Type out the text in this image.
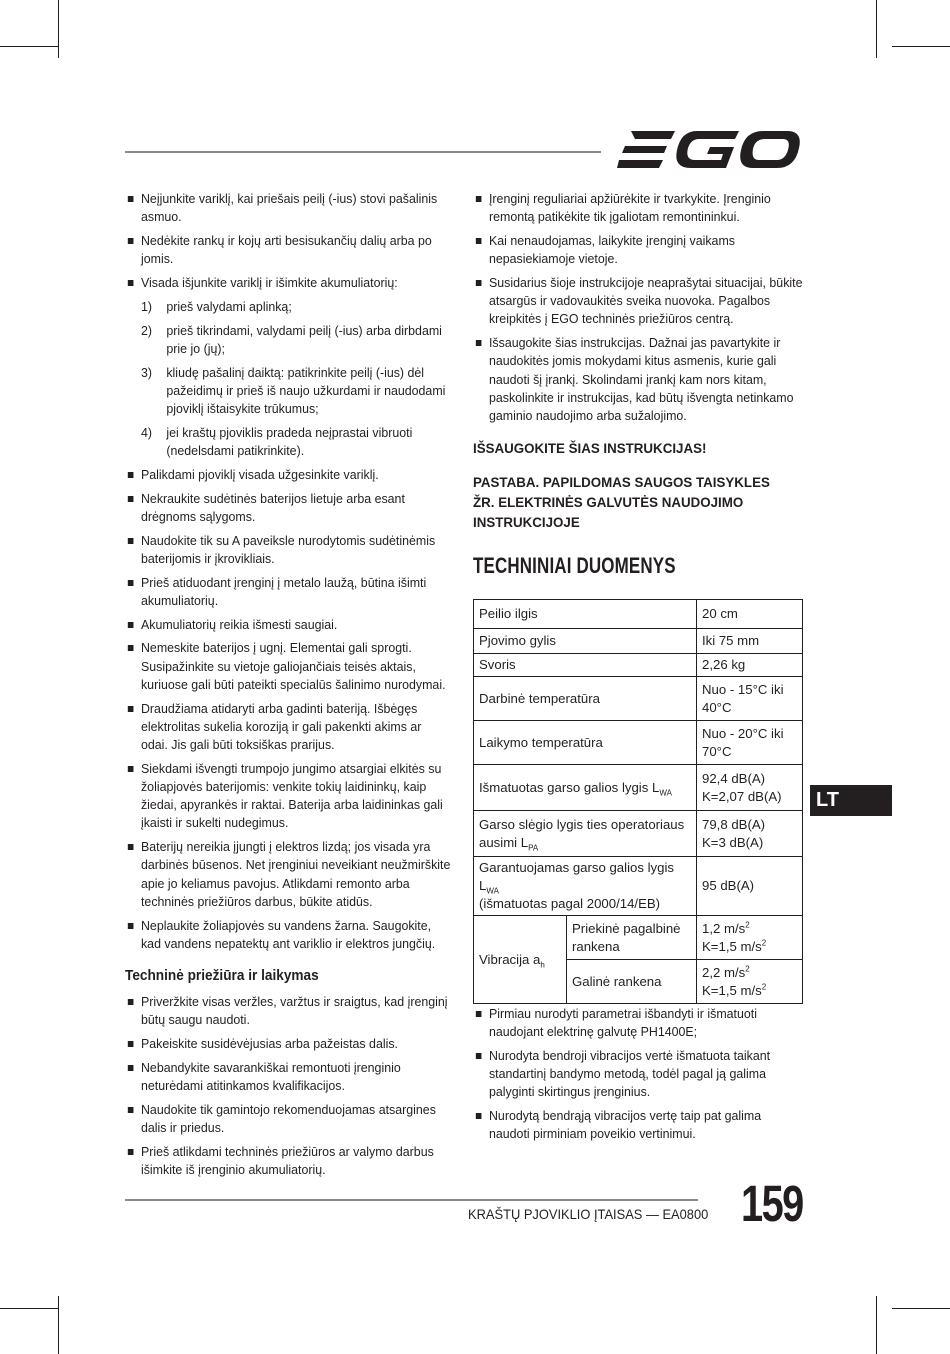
Neįjunkite variklį, kai priešais peilį (-ius) stovi pašalinis asmuo.
Nedėkite rankų ir kojų arti besisukančių dalių arba po jomis.
Visada išjunkite variklį ir išimkite akumuliatorių:
1) prieš valydami aplinką;
2) prieš tikrindami, valydami peilį (-ius) arba dirbdami prie jo (jų);
3) kliudę pašalinį daiktą: patikrinkite peilį (-ius) dėl pažeidimų ir prieš iš naujo užkurdami ir naudodami pjoviklį ištaisykite trūkumus;
4) jei kraštų pjoviklis pradeda neįprastai vibruoti (nedelsdami patikrinkite).
Palikdami pjoviklį visada užgesinkite variklį.
Nekraukite sudėtinės baterijos lietuje arba esant drėgnoms sąlygoms.
Naudokite tik su A paveiksle nurodytomis sudėtinėmis baterijomis ir įkrovikliais.
Prieš atiduodant įrenginį į metalo laužą, būtina išimti akumuliatorių.
Akumuliatorių reikia išmesti saugiai.
Nemeskite baterijos į ugnį. Elementai gali sprogti. Susipažinkite su vietoje galiojančiais teisės aktais, kuriuose gali būti pateikti specialūs šalinimo nurodymai.
Draudžiama atidaryti arba gadinti bateriją. Išbėgęs elektrolitas sukelia koroziją ir gali pakenkti akims ar odai. Jis gali būti toksiškas prarijus.
Siekdami išvengti trumpojo jungimo atsargiai elkitės su žoliapjovės baterijomis: venkite tokių laidininkų, kaip žiedai, apyrankės ir raktai. Baterija arba laidininkas gali įkaisti ir sukelti nudegimus.
Baterijų nereikia įjungti į elektros lizdą; jos visada yra darbinės būsenos. Net įrenginiui neveikiant neužmirškite apie jo keliamus pavojus. Atlikdami remonto arba techninės priežiūros darbus, būkite atidūs.
Neplaukite žoliapjovės su vandens žarna. Saugokite, kad vandens nepatektų ant variklio ir elektros jungčių.
Techninė priežiūra ir laikymas
Priveržkite visas veržles, varžtus ir sraigtus, kad įrenginį būtų saugu naudoti.
Pakeiskite susidėvėjusias arba pažeistas dalis.
Nebandykite savarankiškai remontuoti įrenginio neturėdami atitinkamos kvalifikacijos.
Naudokite tik gamintojo rekomenduojamas atsargines dalis ir priedus.
Prieš atlikdami techninės priežiūros ar valymo darbus išimkite iš įrenginio akumuliatorių.
Įrenginį reguliariai apžiūrėkite ir tvarkykite. Įrenginio remontą patikėkite tik įgaliotam remontininkui.
Kai nenaudojamas, laikykite įrenginį vaikams nepasiekiamoje vietoje.
Susidarius šioje instrukcijoje neaprašytai situacijai, būkite atsargūs ir vadovaukitės sveika nuovoka. Pagalbos kreipkitės į EGO techninės priežiūros centrą.
Išsaugokite šias instrukcijas. Dažnai jas pavartykite ir naudokitės jomis mokydami kitus asmenis, kurie gali naudoti šį įrankį. Skolindami įrankį kam nors kitam, paskolinkite ir instrukcijas, kad būtų išvengta netinkamo gaminio naudojimo arba sužalojimo.

IŠSAUGOKITE ŠIAS INSTRUKCIJAS!

PASTABA. PAPILDOMAS SAUGOS TAISYKLES
ŽR. ELEKTRINĖS GALVUTĖS NAUDOJIMO
INSTRUKCIJOJE

TECHNINIAI DUOMENYS
Peilio ilgis		20 cm
Pjovimo gylis		Iki 75 mm
Svoris		2,26 kg
Darbinė temperatūra		Nuo - 15°C iki
40°C
Laikymo temperatūra		Nuo - 20°C iki
70°C
Išmatuotas garso galios lygis $L_{WA}$		92,4 dB(A)
K=2,07 dB(A)
Garso slėgio lygis ties operatoriaus
ausimi $L_{PA}$		79,8 dB(A)
K=3 dB(A)
Garantuojamas garso galios lygis $L_{WA}$
(išmatuotas pagal 2000/14/EB)		95 dB(A)
Vibracija $a_h$	Priekinė pagalbinė rankena	1,2 $m/s^2$
K=1,5 $m/s^2$
	Galinė rankena	2,2 $m/s^2$
K=1,5 $m/s^2$
Pirmiau nurodyti parametrai išbandyti ir išmatuoti naudojant elektrinę galvutę PH1400E;
Nurodyta bendroji vibracijos vertė išmatuota taikant standartinį bandymo metodą, todėl pagal ją galima palyginti skirtingus įrenginius.
Nurodytą bendrąją vibracijos vertę taip pat galima naudoti pirminiam poveikio vertinimui.
LT
KRAŠTŲ PJOVIKLIO ĮTAISAS — EA0800 159
